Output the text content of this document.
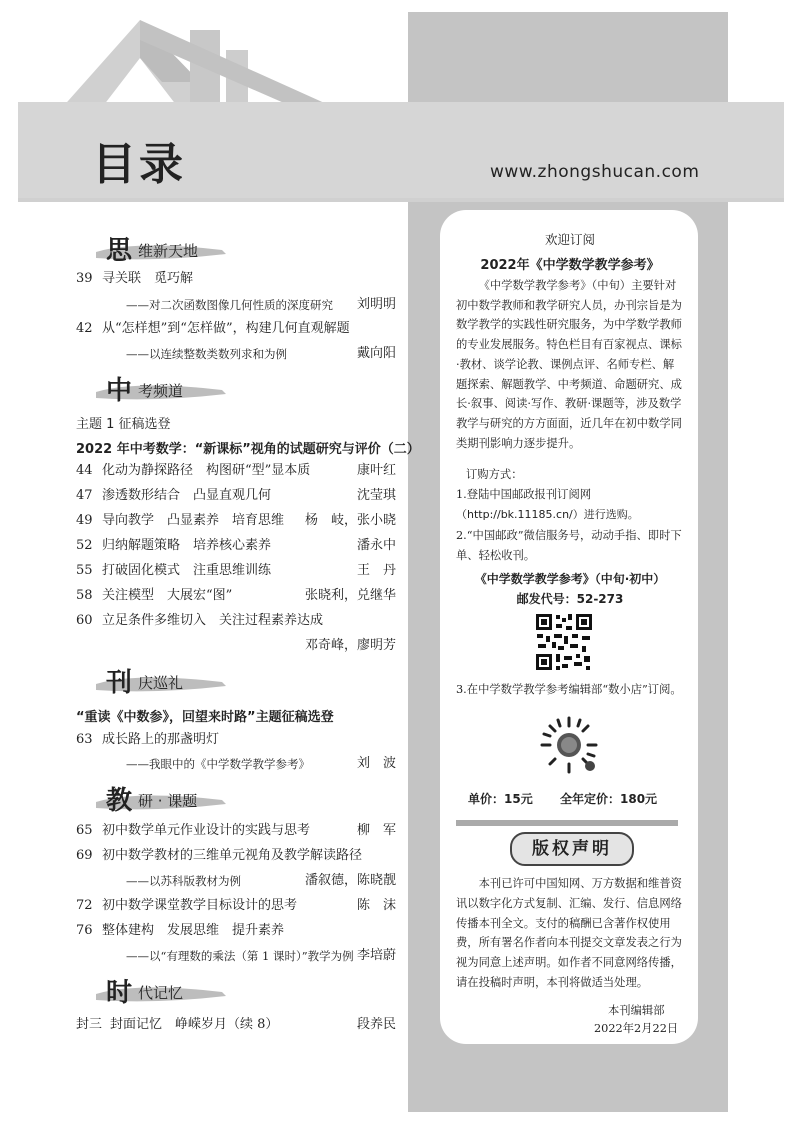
目录	www.zhongshucan.com
思 维新天地
39 寻关联　觅巧解
——对二次函数图像几何性质的深度研究 刘明明
42 从“怎样想”到“怎样做”，构建几何直观解题
——以连续整数类数列求和为例	戴向阳
中 考频道
主题 1 征稿选登
2022 年中考数学：“新课标”视角的试题研究与评价（二）
44 化动为静探路径　构图研“型”显本质	康叶红
47 渗透数形结合　凸显直观几何	沈莹琪
49 导向教学　凸显素养　培育思维 杨　岐，张小晓
52 归纳解题策略　培养核心素养	潘永中
55 打破固化模式　注重思维训练	王　丹
58 关注模型　大展宏“图”	张晓利，兑继华
60 立足条件多维切入　关注过程素养达成
邓奇峰，廖明芳
刊 庆巡礼
“重读《中数参》，回望来时路”主题征稿选登
63 成长路上的那盏明灯
——我眼中的《中学数学教学参考》	刘　波
教 研 · 课题
65 初中数学单元作业设计的实践与思考	柳　军
69 初中数学教材的三维单元视角及教学解读路径
——以苏科版教材为例	潘叙德，陈晓靓
72 初中数学课堂教学目标设计的思考	陈　沫
76 整体建构　发展思维　提升素养
——以“有理数的乘法（第 1 课时）”教学为例 李培蔚
时 代记忆
封三 封面记忆　峥嵘岁月（续 8）	段养民
欢迎订阅
2022年《中学数学教学参考》
《中学数学教学参考》（中旬）主要针对初中数学教师和教学研究人员，办刊宗旨是为数学教学的实践性研究服务，为中学数学教师的专业发展服务。特色栏目有百家视点、课标·教材、谈学论教、课例点评、名师专栏、解题探索、解题教学、中考频道、命题研究、成长·叙事、阅读·写作、教研·课题等，涉及数学教学与研究的方方面面，近几年在初中数学同类期刊影响力逐步提升。
订购方式：
1.登陆中国邮政报刊订阅网
（http://bk.11185.cn/）进行选购。
2.“中国邮政”微信服务号，动动手指、即时下单、轻松收刊。
《中学数学教学参考》（中旬·初中）
邮发代号：52-273
3.在中学数学教学参考编辑部“数小店”订阅。
单价：15元 全年定价：180元
版权声明
本刊已许可中国知网、万方数据和维普资讯以数字化方式复制、汇编、发行、信息网络传播本刊全文。支付的稿酬已含著作权使用费，所有署名作者向本刊提交文章发表之行为视为同意上述声明。如作者不同意网络传播，请在投稿时声明，本刊将做适当处理。
本刊编辑部
2022年2月22日
